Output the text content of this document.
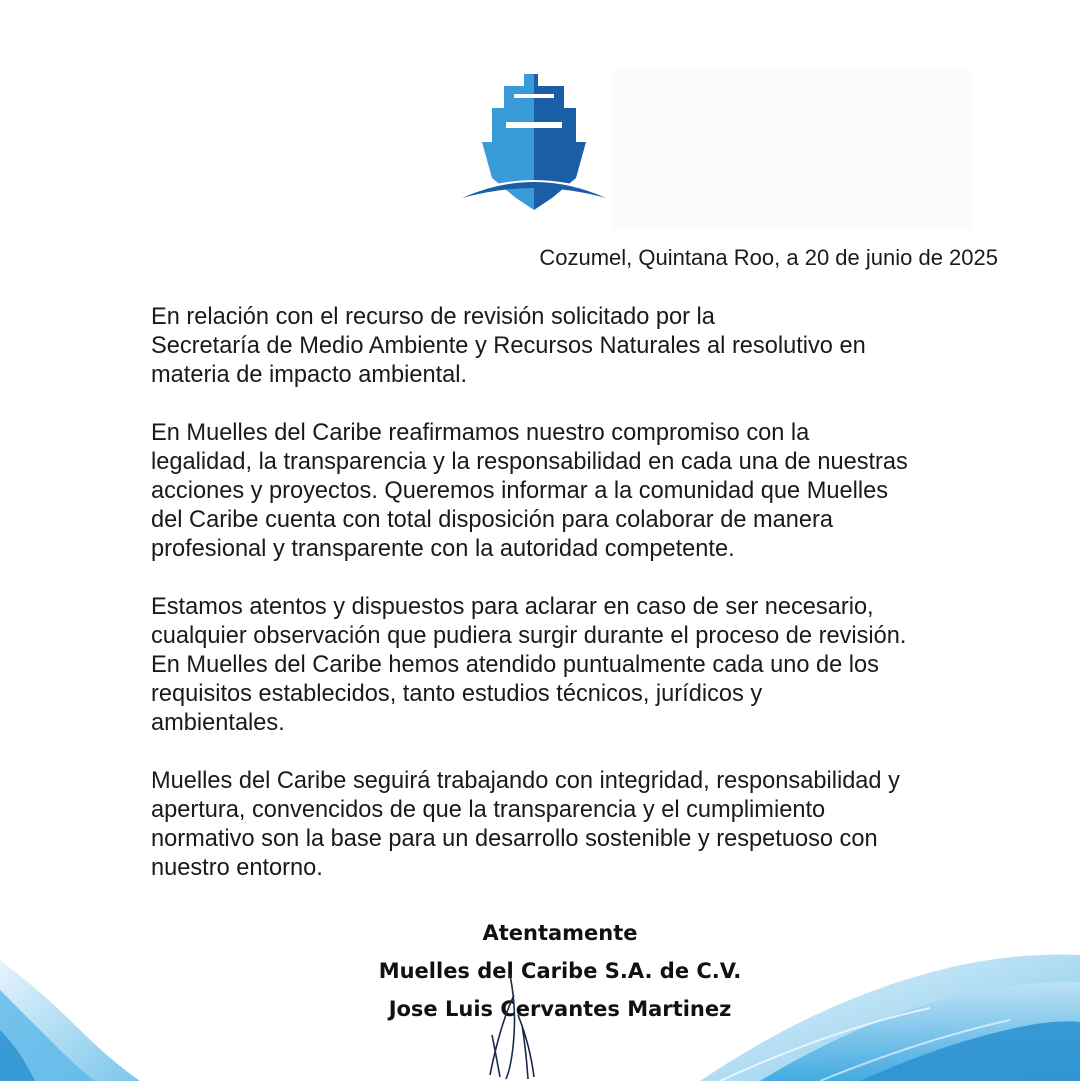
Cozumel, Quintana Roo, a 20 de junio de 2025

En relación con el recurso de revisión solicitado por la
Secretaría de Medio Ambiente y Recursos Naturales al resolutivo en
materia de impacto ambiental.

En Muelles del Caribe reafirmamos nuestro compromiso con la
legalidad, la transparencia y la responsabilidad en cada una de nuestras
acciones y proyectos. Queremos informar a la comunidad que Muelles
del Caribe cuenta con total disposición para colaborar de manera
profesional y transparente con la autoridad competente.

Estamos atentos y dispuestos para aclarar en caso de ser necesario,
cualquier observación que pudiera surgir durante el proceso de revisión.
En Muelles del Caribe hemos atendido puntualmente cada uno de los
requisitos establecidos, tanto estudios técnicos, jurídicos y
ambientales.

Muelles del Caribe seguirá trabajando con integridad, responsabilidad y
apertura, convencidos de que la transparencia y el cumplimiento
normativo son la base para un desarrollo sostenible y respetuoso con
nuestro entorno.

Atentamente
Muelles del Caribe S.A. de C.V.
Jose Luis Cervantes Martinez
